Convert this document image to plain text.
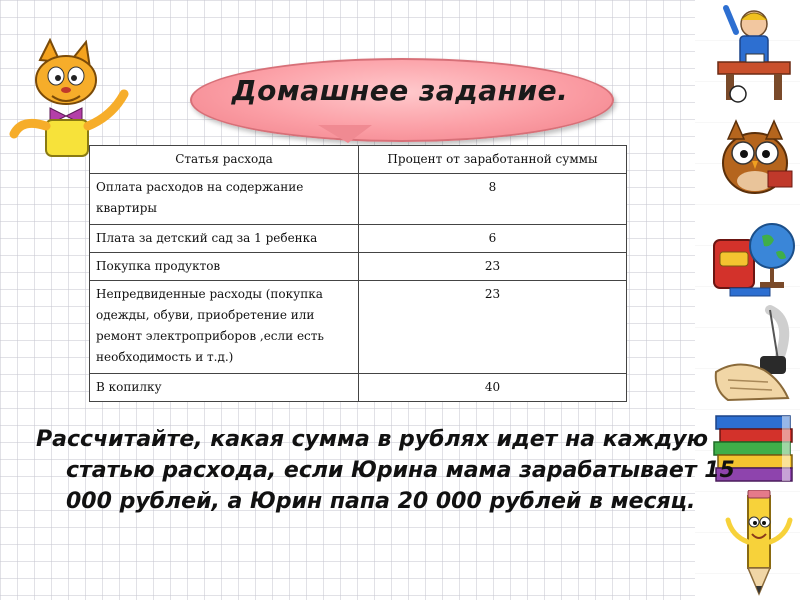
Домашнее задание.
Статья расхода	Процент от заработанной суммы
Оплата расходов на содержание квартиры	8
Плата за детский сад за 1 ребенка	6
Покупка продуктов	23
Непредвиденные расходы (покупка одежды, обуви, приобретение или ремонт электроприборов ,если есть необходимость и т.д.)	23
В копилку	40
Рассчитайте, какая сумма в рублях идет на каждую статью расхода, если Юрина мама зарабатывает 15 000 рублей, а Юрин папа 20 000 рублей в месяц.
